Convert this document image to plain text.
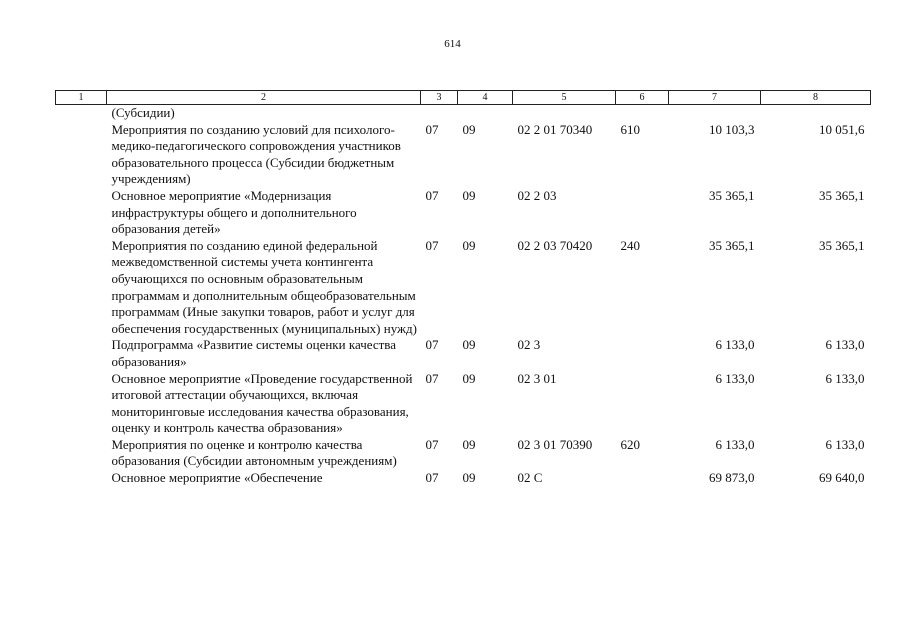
614
1	2	3	4	5	6	7	8
	(Субсидии)						
	Мероприятия по созданию условий для психолого-медико-педагогического сопровождения участников образовательного процесса (Субсидии бюджетным учреждениям)	07	09	02 2 01 70340	610	10 103,3	10 051,6
	Основное мероприятие «Модернизация инфраструктуры общего и дополнительного образования детей»	07	09	02 2 03		35 365,1	35 365,1
	Мероприятия по созданию единой федеральной межведомственной системы учета контингента обучающихся по основным образовательным программам и дополнительным общеобразовательным программам (Иные закупки товаров, работ и услуг для обеспечения государственных (муниципальных) нужд)	07	09	02 2 03 70420	240	35 365,1	35 365,1
	Подпрограмма «Развитие системы оценки качества образования»	07	09	02 3		6 133,0	6 133,0
	Основное мероприятие «Проведение государственной итоговой аттестации обучающихся, включая мониторинговые исследования качества образования, оценку и контроль качества образования»	07	09	02 3 01		6 133,0	6 133,0
	Мероприятия по оценке и контролю качества образования (Субсидии автономным учреждениям)	07	09	02 3 01 70390	620	6 133,0	6 133,0
	Основное мероприятие «Обеспечение	07	09	02 С		69 873,0	69 640,0
